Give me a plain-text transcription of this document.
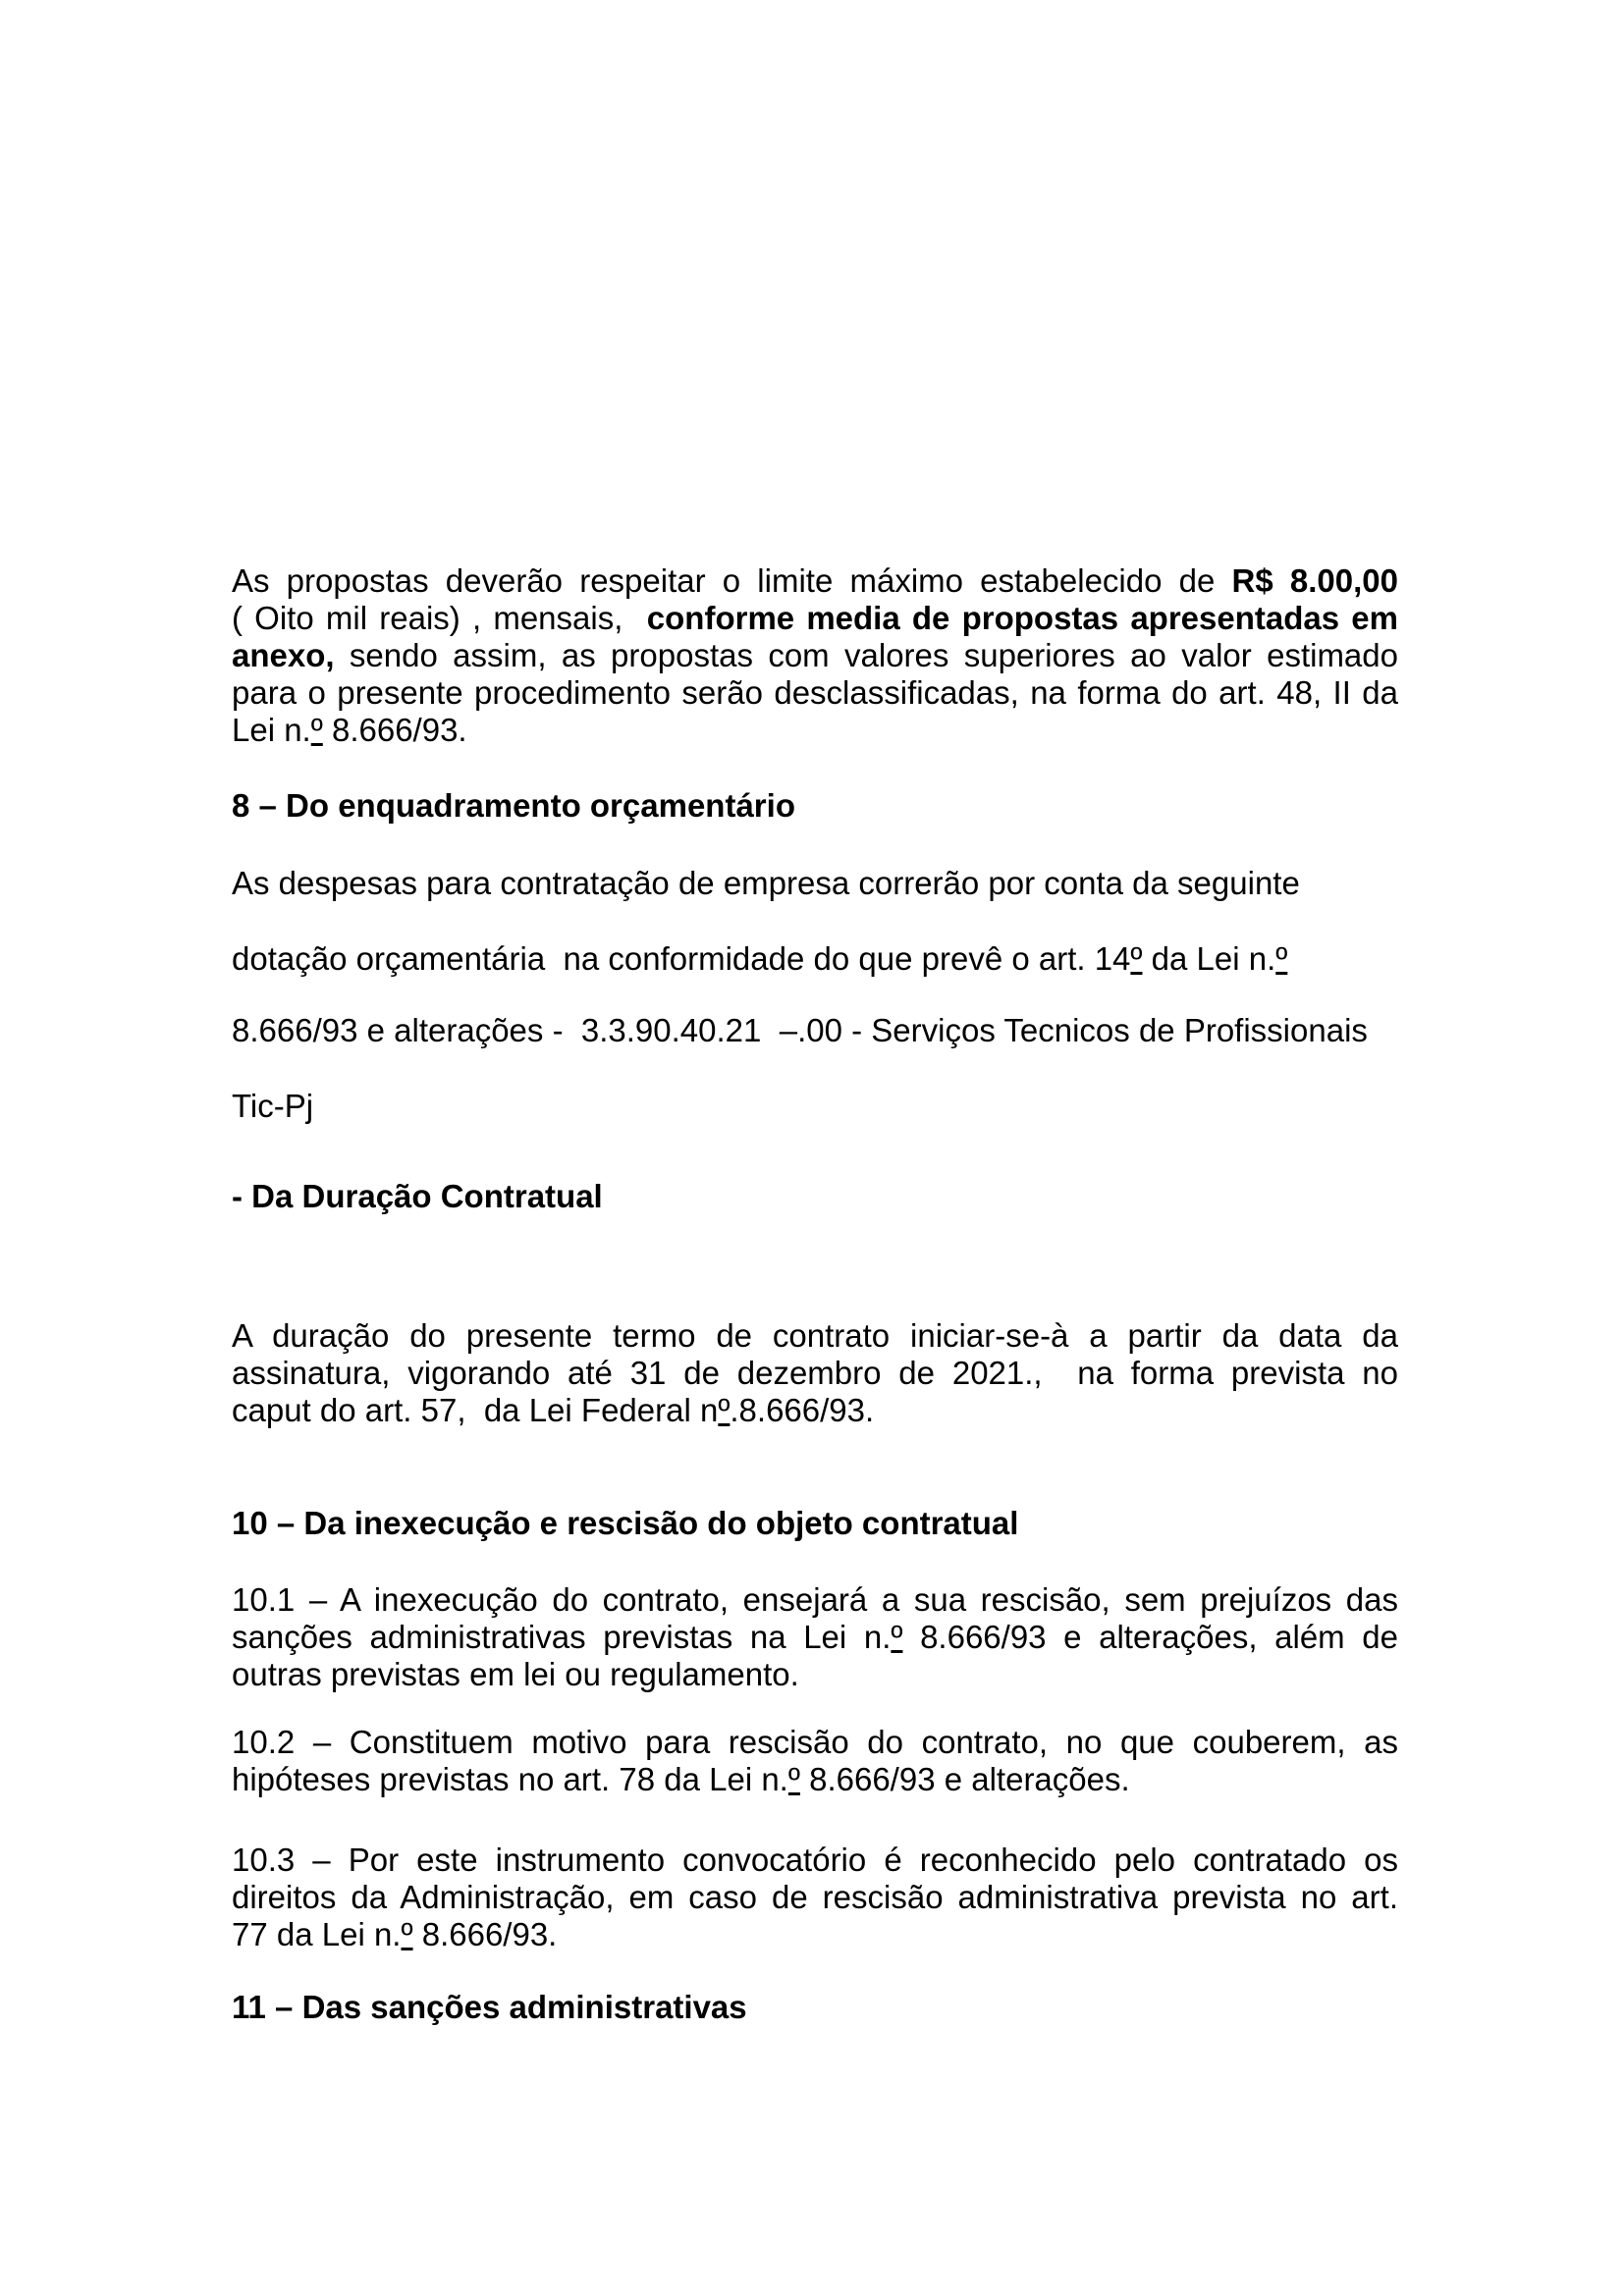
As propostas deverão respeitar o limite máximo estabelecido de R$ 8.00,00
( Oito mil reais) , mensais,  conforme media de propostas apresentadas em
anexo, sendo assim, as propostas com valores superiores ao valor estimado
para o presente procedimento serão desclassificadas, na forma do art. 48, II da
Lei n.º 8.666/93.
8 – Do enquadramento orçamentário
As despesas para contratação de empresa correrão por conta da seguinte
dotação orçamentária  na conformidade do que prevê o art. 14º da Lei n.º
8.666/93 e alterações -  3.3.90.40.21  –.00 - Serviços Tecnicos de Profissionais
Tic-Pj
- Da Duração Contratual
A duração do presente termo de contrato iniciar-se-à a partir da data da
assinatura, vigorando até 31 de dezembro de 2021.,  na forma prevista no
caput do art. 57,  da Lei Federal nº.8.666/93.
10 – Da inexecução e rescisão do objeto contratual
10.1 – A inexecução do contrato, ensejará a sua rescisão, sem prejuízos das
sanções administrativas previstas na Lei n.º 8.666/93 e alterações, além de
outras previstas em lei ou regulamento.
10.2 – Constituem motivo para rescisão do contrato, no que couberem, as
hipóteses previstas no art. 78 da Lei n.º 8.666/93 e alterações.
10.3 – Por este instrumento convocatório é reconhecido pelo contratado os
direitos da Administração, em caso de rescisão administrativa prevista no art.
77 da Lei n.º 8.666/93.
11 – Das sanções administrativas
